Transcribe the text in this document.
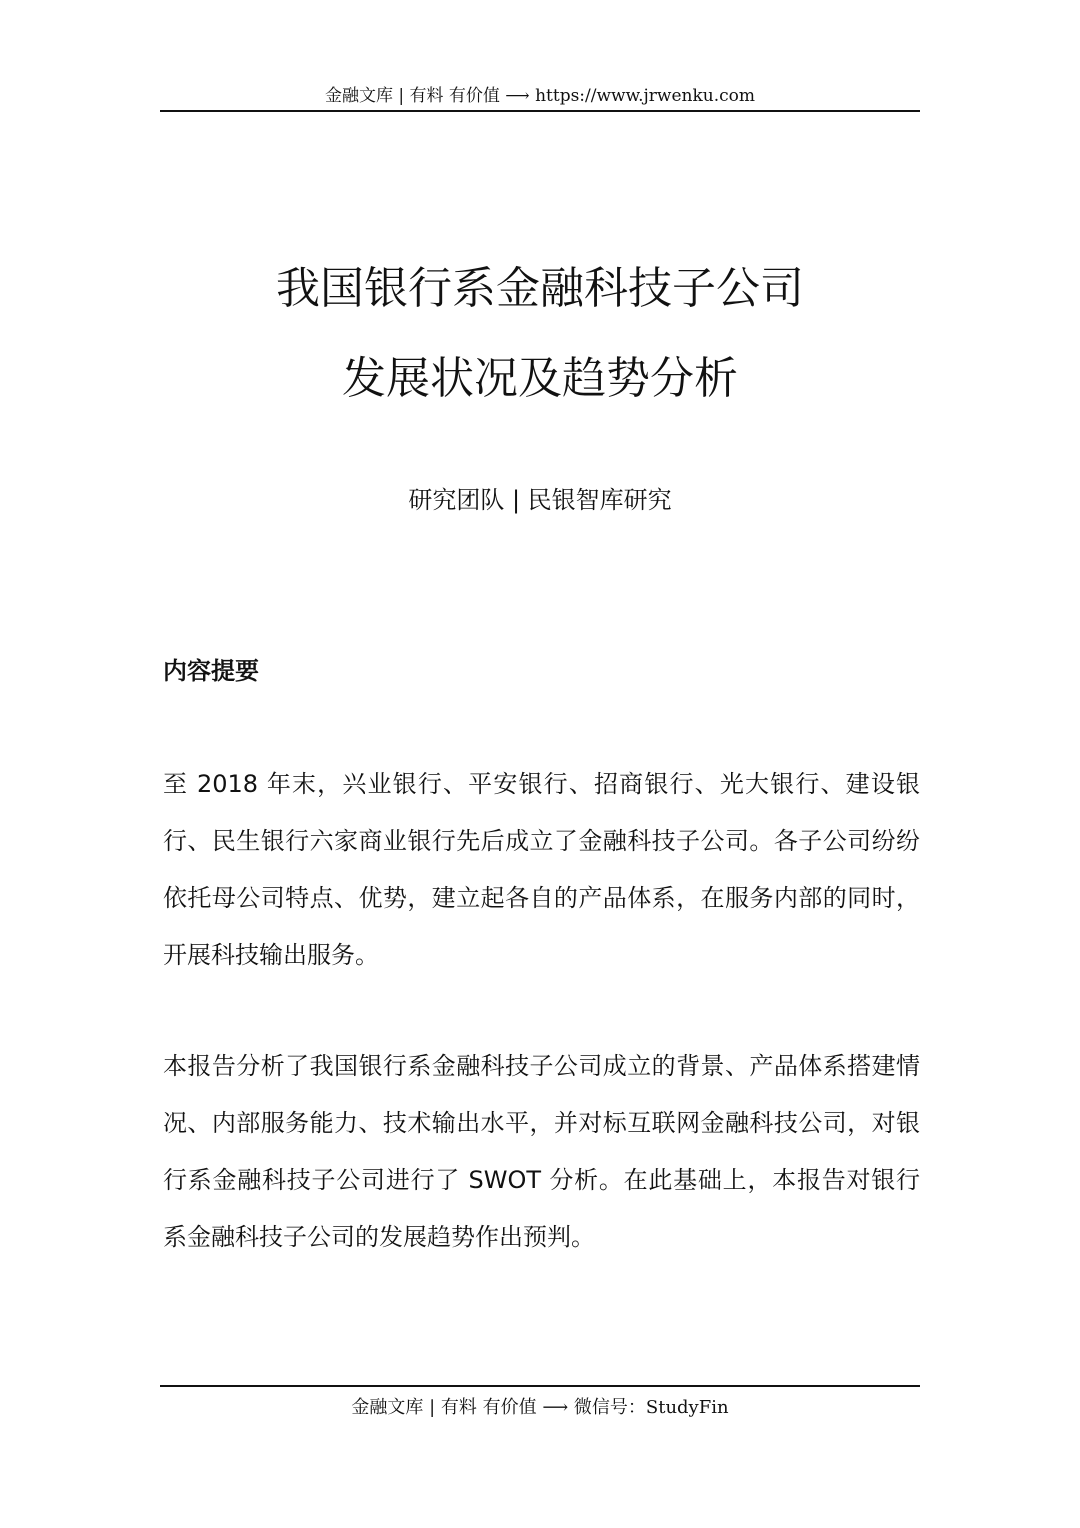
金融文库 | 有料 有价值 ⟶ https://www.jrwenku.com
我国银行系金融科技子公司
发展状况及趋势分析
研究团队 | 民银智库研究
内容提要
至 2018 年末，兴业银行、平安银行、招商银行、光大银行、建设银行、民生银行六家商业银行先后成立了金融科技子公司。各子公司纷纷依托母公司特点、优势，建立起各自的产品体系，在服务内部的同时，开展科技输出服务。
本报告分析了我国银行系金融科技子公司成立的背景、产品体系搭建情况、内部服务能力、技术输出水平，并对标互联网金融科技公司，对银行系金融科技子公司进行了 SWOT 分析。在此基础上，本报告对银行系金融科技子公司的发展趋势作出预判。
金融文库 | 有料 有价值 ⟶ 微信号：StudyFin
